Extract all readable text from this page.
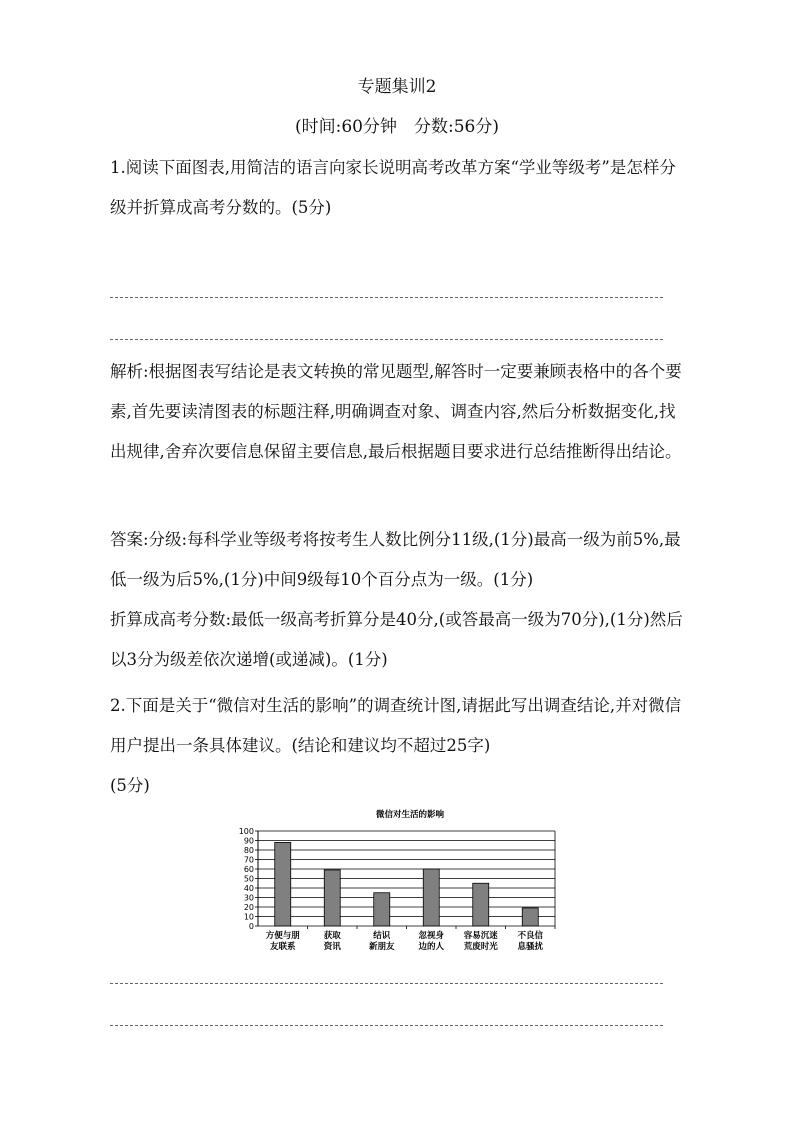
专题集训2
(时间:60分钟　分数:56分)

1.阅读下面图表,用简洁的语言向家长说明高考改革方案“学业等级考”是怎样分级并折算成高考分数的。(5分)

解析:根据图表写结论是表文转换的常见题型,解答时一定要兼顾表格中的各个要素,首先要读清图表的标题注释,明确调查对象、调查内容,然后分析数据变化,找出规律,舍弃次要信息保留主要信息,最后根据题目要求进行总结推断得出结论。

答案:分级:每科学业等级考将按考生人数比例分11级,(1分)最高一级为前5%,最低一级为后5%,(1分)中间9级每10个百分点为一级。(1分)

折算成高考分数:最低一级高考折算分是40分,(或答最高一级为70分),(1分)然后以3分为级差依次递增(或递减)。(1分)

2.下面是关于“微信对生活的影响”的调查统计图,请据此写出调查结论,并对微信用户提出一条具体建议。(结论和建议均不超过25字)

(5分)

微信对生活的影响
0
10
20
30
40
50
60
70
80
90
100
方便与朋
友联系
获取
资讯
结识
新朋友
忽视身
边的人
容易沉迷
荒废时光
不良信
息骚扰
